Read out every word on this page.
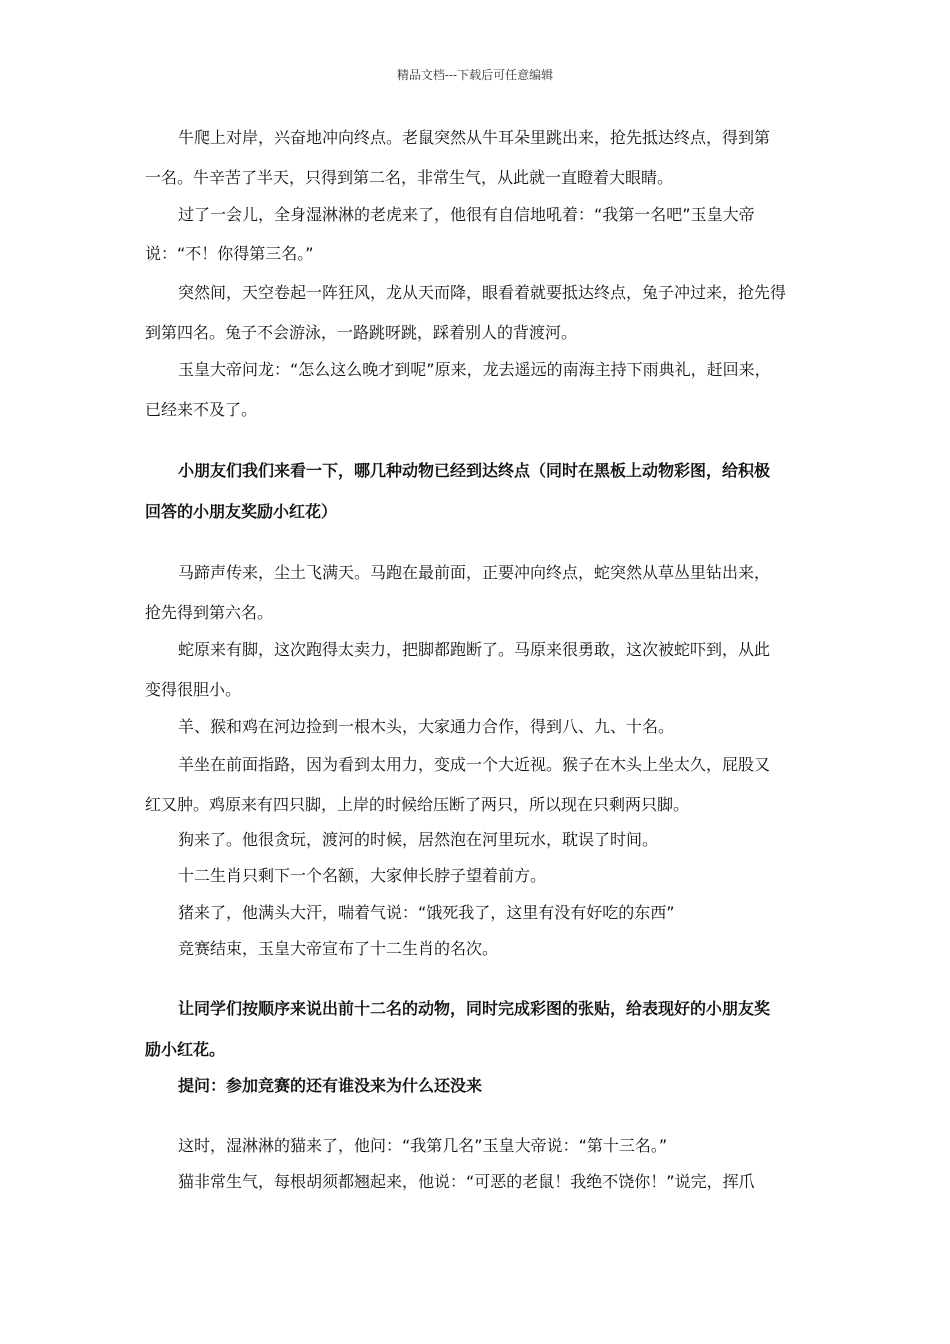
精品文档---下载后可任意编辑
牛爬上对岸，兴奋地冲向终点。老鼠突然从牛耳朵里跳出来，抢先抵达终点，得到第
一名。牛辛苦了半天，只得到第二名，非常生气，从此就一直瞪着大眼睛。
过了一会儿，全身湿淋淋的老虎来了，他很有自信地吼着：“我第一名吧”玉皇大帝
说：“不！你得第三名。”
突然间，天空卷起一阵狂风，龙从天而降，眼看着就要抵达终点，兔子冲过来，抢先得
到第四名。兔子不会游泳，一路跳呀跳，踩着别人的背渡河。
玉皇大帝问龙：“怎么这么晚才到呢”原来，龙去遥远的南海主持下雨典礼，赶回来，
已经来不及了。
小朋友们我们来看一下，哪几种动物已经到达终点（同时在黑板上动物彩图，给积极
回答的小朋友奖励小红花）
马蹄声传来，尘土飞满天。马跑在最前面，正要冲向终点，蛇突然从草丛里钻出来，
抢先得到第六名。
蛇原来有脚，这次跑得太卖力，把脚都跑断了。马原来很勇敢，这次被蛇吓到，从此
变得很胆小。
羊、猴和鸡在河边捡到一根木头，大家通力合作，得到八、九、十名。
羊坐在前面指路，因为看到太用力，变成一个大近视。猴子在木头上坐太久，屁股又
红又肿。鸡原来有四只脚，上岸的时候给压断了两只，所以现在只剩两只脚。
狗来了。他很贪玩，渡河的时候，居然泡在河里玩水，耽误了时间。
十二生肖只剩下一个名额，大家伸长脖子望着前方。
猪来了，他满头大汗，喘着气说：“饿死我了，这里有没有好吃的东西”
竞赛结束，玉皇大帝宣布了十二生肖的名次。
让同学们按顺序来说出前十二名的动物，同时完成彩图的张贴，给表现好的小朋友奖
励小红花。
提问：参加竞赛的还有谁没来为什么还没来
这时，湿淋淋的猫来了，他问：“我第几名”玉皇大帝说：“第十三名。”
猫非常生气，每根胡须都翘起来，他说：“可恶的老鼠！我绝不饶你！”说完，挥爪
